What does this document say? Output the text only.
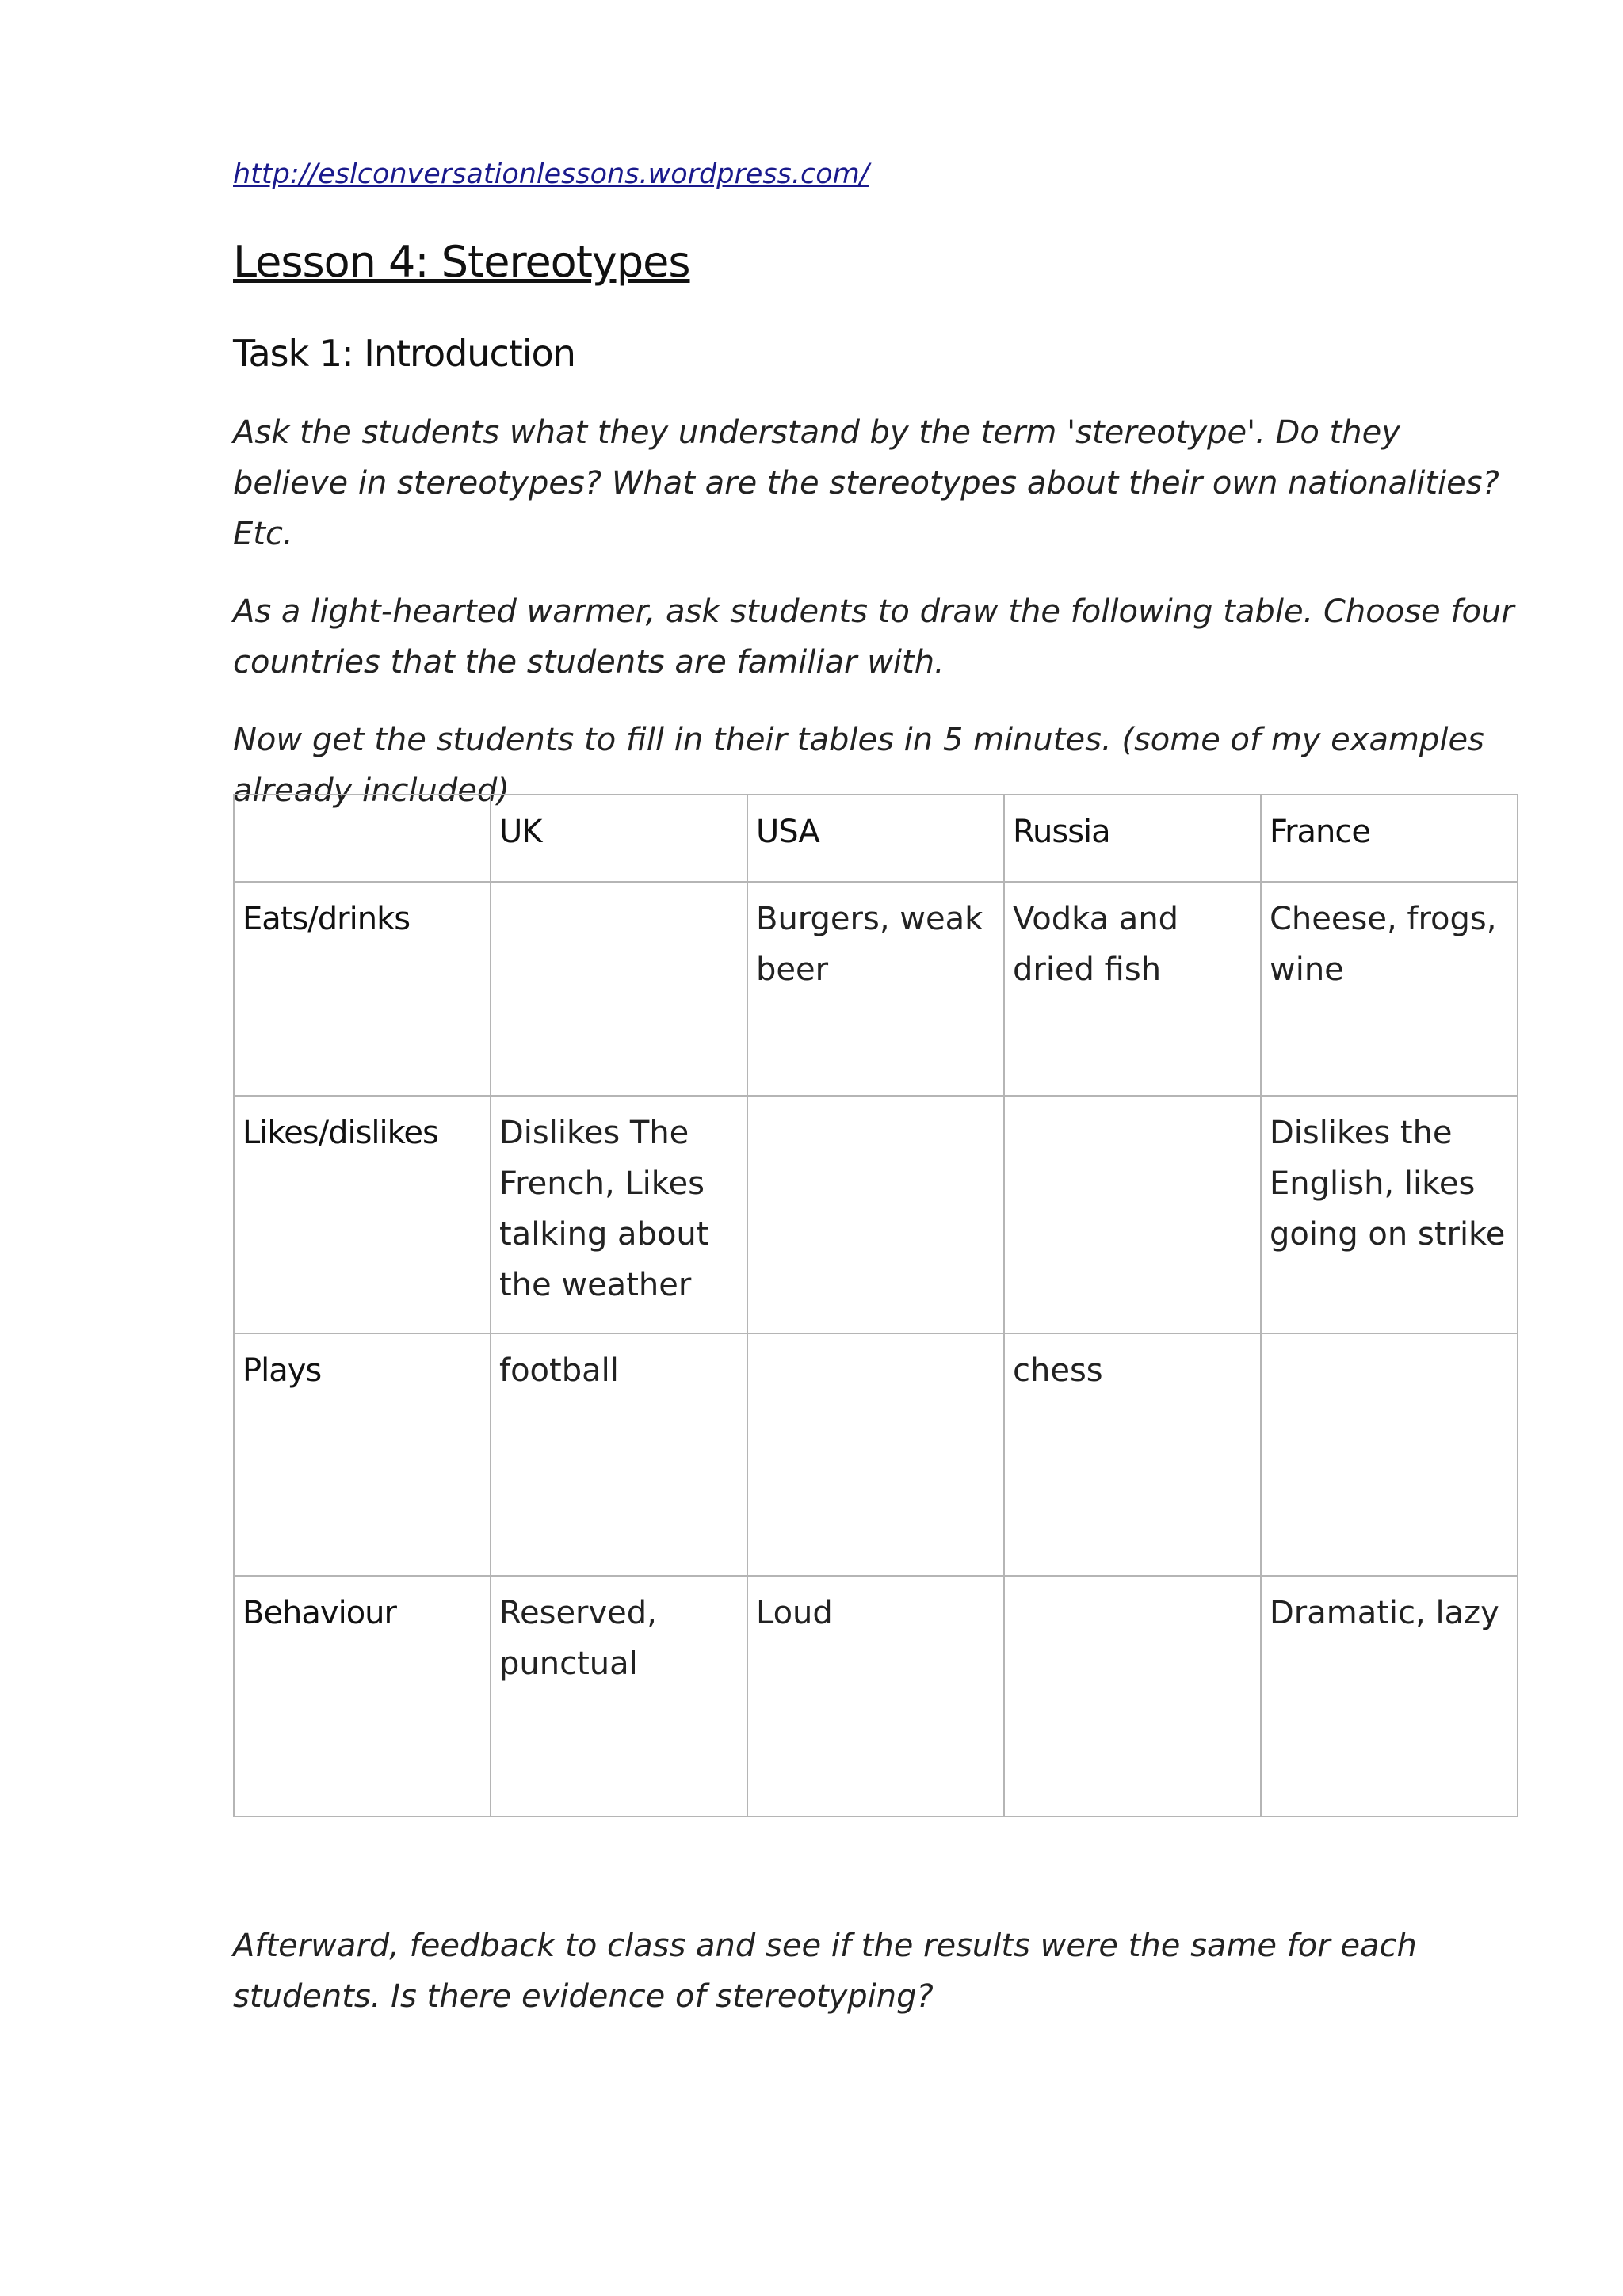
http://eslconversationlessons.wordpress.com/
Lesson 4: Stereotypes
Task 1: Introduction

Ask the students what they understand by the term 'stereotype'. Do they believe in stereotypes? What are the stereotypes about their own nationalities? Etc.

As a light-hearted warmer, ask students to draw the following table. Choose four countries that the students are familiar with.

Now get the students to fill in their tables in 5 minutes. (some of my examples already included)

	UK	USA	Russia	France
Eats/drinks		Burgers, weak beer	Vodka and dried fish	Cheese, frogs, wine
Likes/dislikes	Dislikes The French, Likes talking about the weather			Dislikes the English, likes going on strike
Plays	football		chess	
Behaviour	Reserved, punctual	Loud		Dramatic, lazy

Afterward, feedback to class and see if the results were the same for each students. Is there evidence of stereotyping?
